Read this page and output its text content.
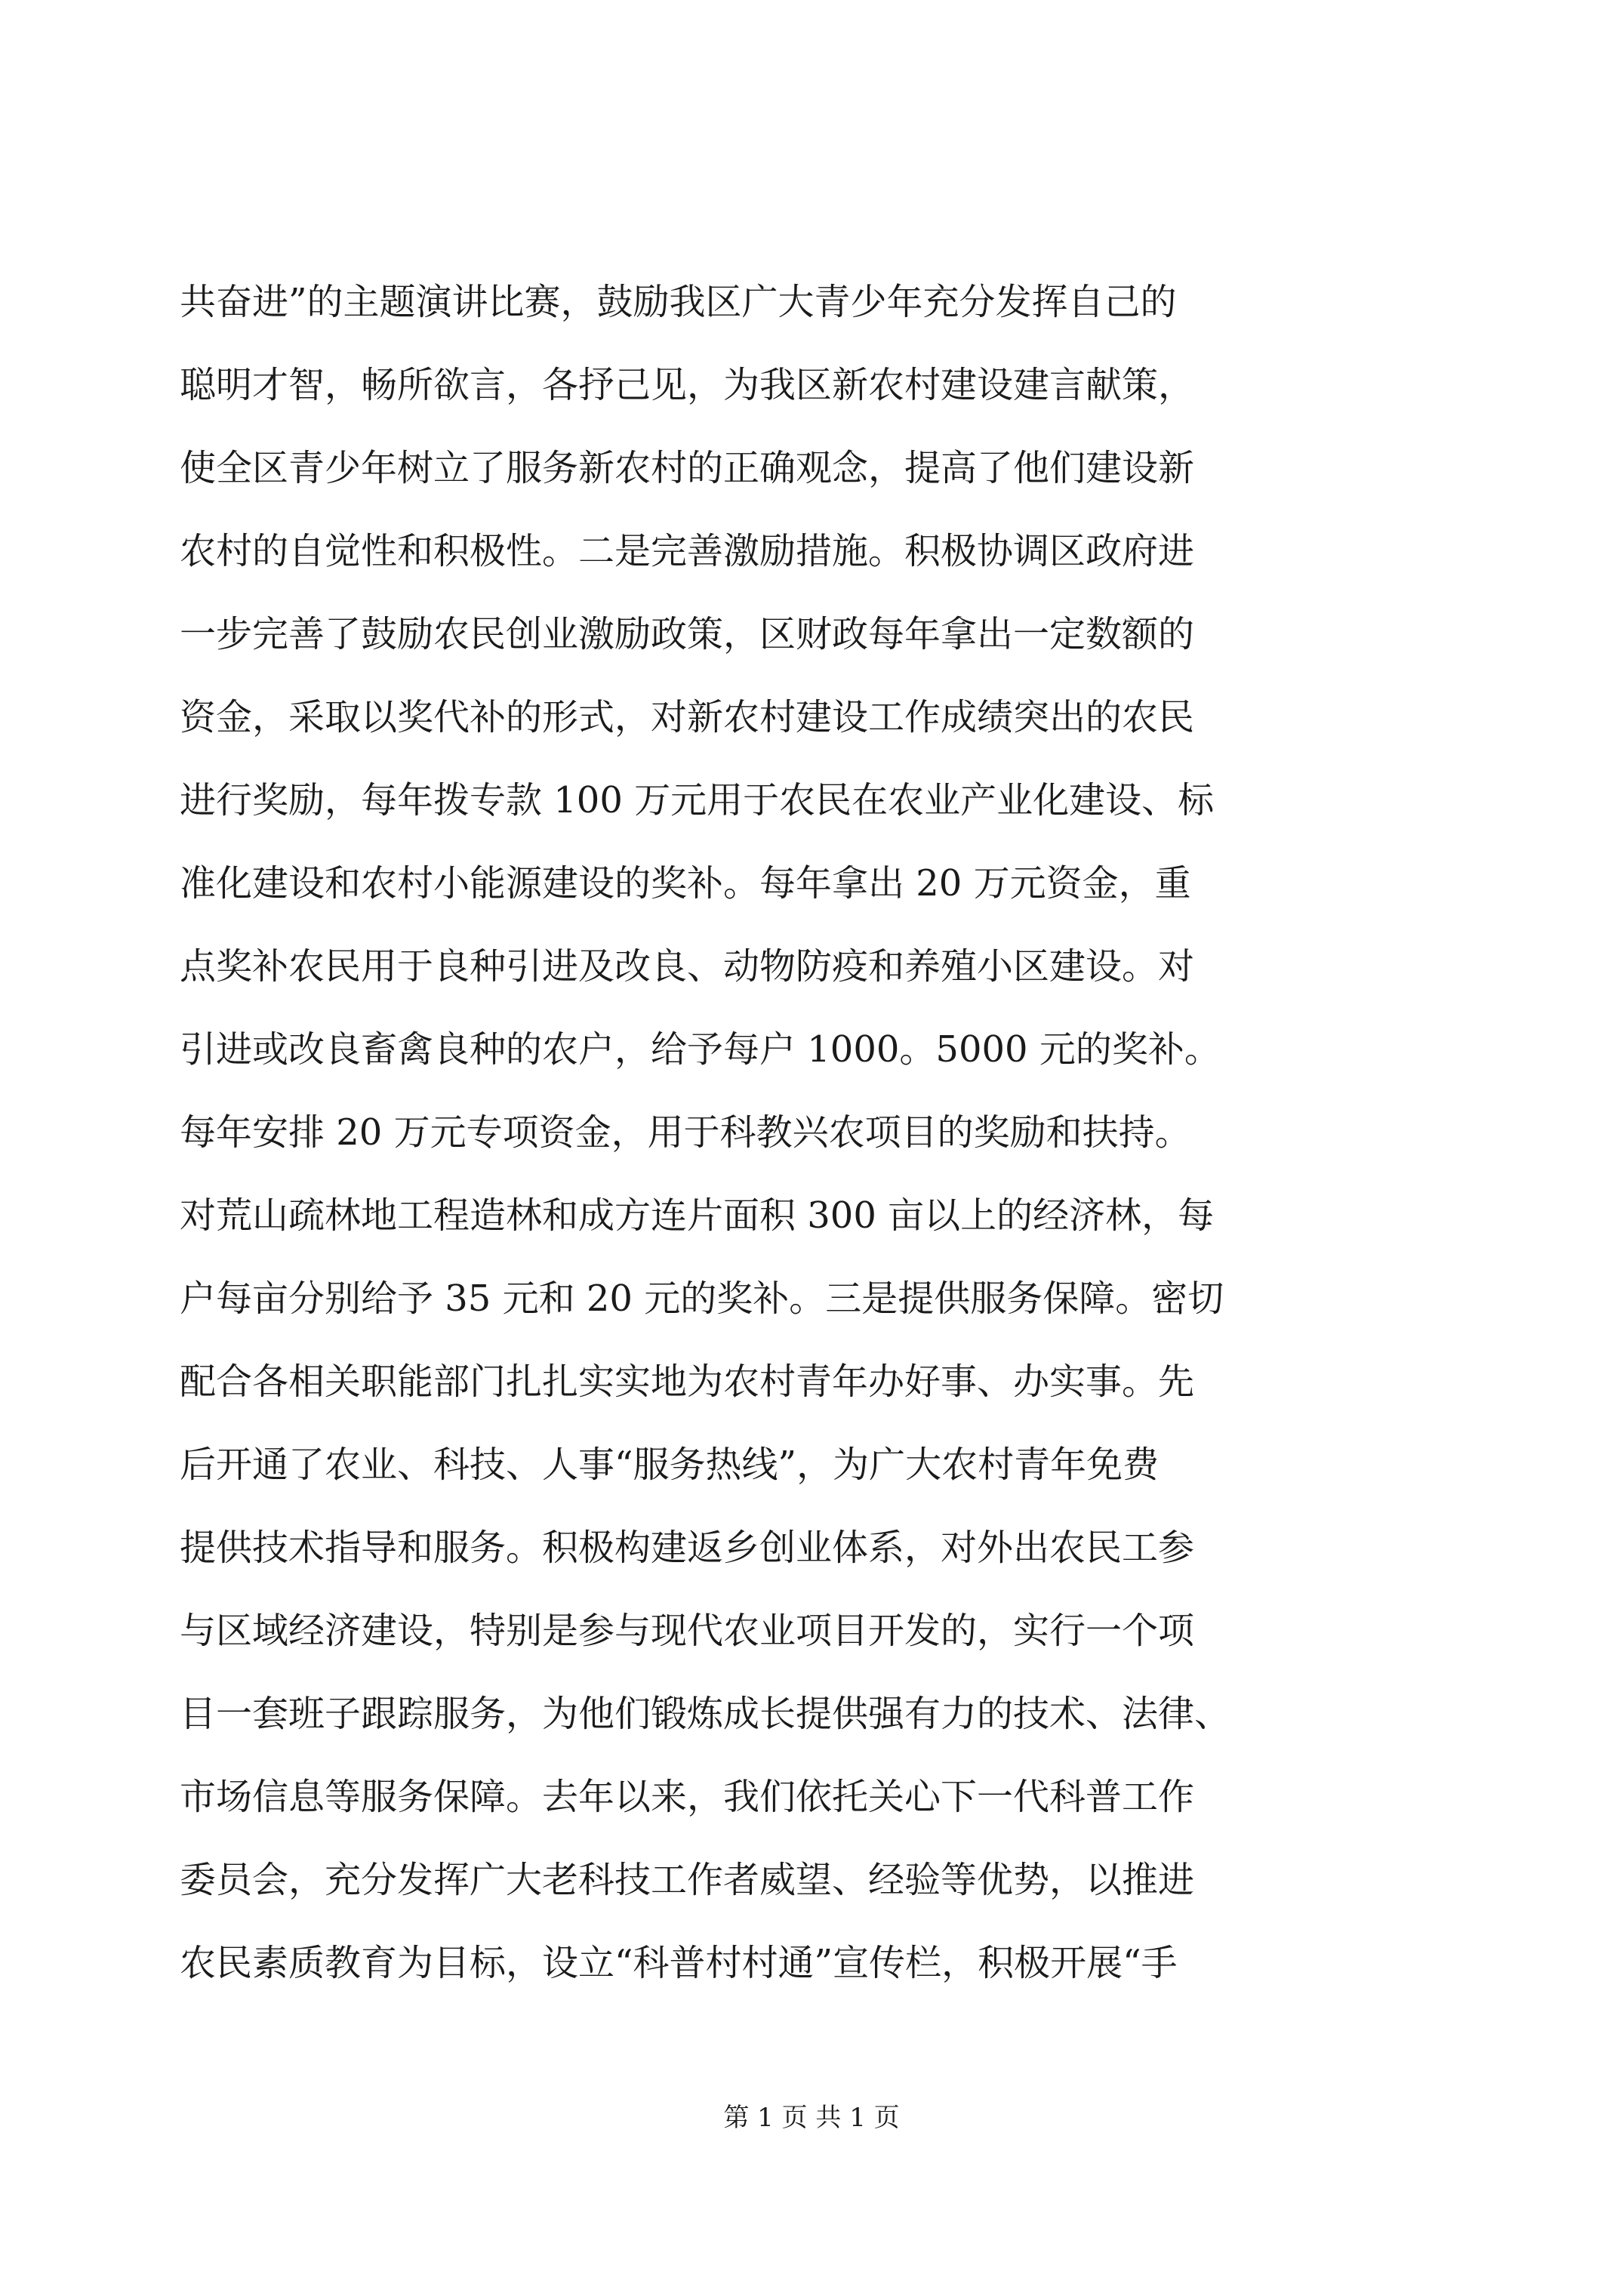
共奋进”的主题演讲比赛，鼓励我区广大青少年充分发挥自己的
聪明才智，畅所欲言，各抒己见，为我区新农村建设建言献策，
使全区青少年树立了服务新农村的正确观念，提高了他们建设新
农村的自觉性和积极性。二是完善激励措施。积极协调区政府进
一步完善了鼓励农民创业激励政策，区财政每年拿出一定数额的
资金，采取以奖代补的形式，对新农村建设工作成绩突出的农民
进行奖励，每年拨专款 100 万元用于农民在农业产业化建设、标
准化建设和农村小能源建设的奖补。每年拿出 20 万元资金，重
点奖补农民用于良种引进及改良、动物防疫和养殖小区建设。对
引进或改良畜禽良种的农户，给予每户 1000。5000 元的奖补。
每年安排 20 万元专项资金，用于科教兴农项目的奖励和扶持。
对荒山疏林地工程造林和成方连片面积 300 亩以上的经济林，每
户每亩分别给予 35 元和 20 元的奖补。三是提供服务保障。密切
配合各相关职能部门扎扎实实地为农村青年办好事、办实事。先
后开通了农业、科技、人事“服务热线”，为广大农村青年免费
提供技术指导和服务。积极构建返乡创业体系，对外出农民工参
与区域经济建设，特别是参与现代农业项目开发的，实行一个项
目一套班子跟踪服务，为他们锻炼成长提供强有力的技术、法律、
市场信息等服务保障。去年以来，我们依托关心下一代科普工作
委员会，充分发挥广大老科技工作者威望、经验等优势，以推进
农民素质教育为目标，设立“科普村村通”宣传栏，积极开展“手
第 1 页 共 1 页
